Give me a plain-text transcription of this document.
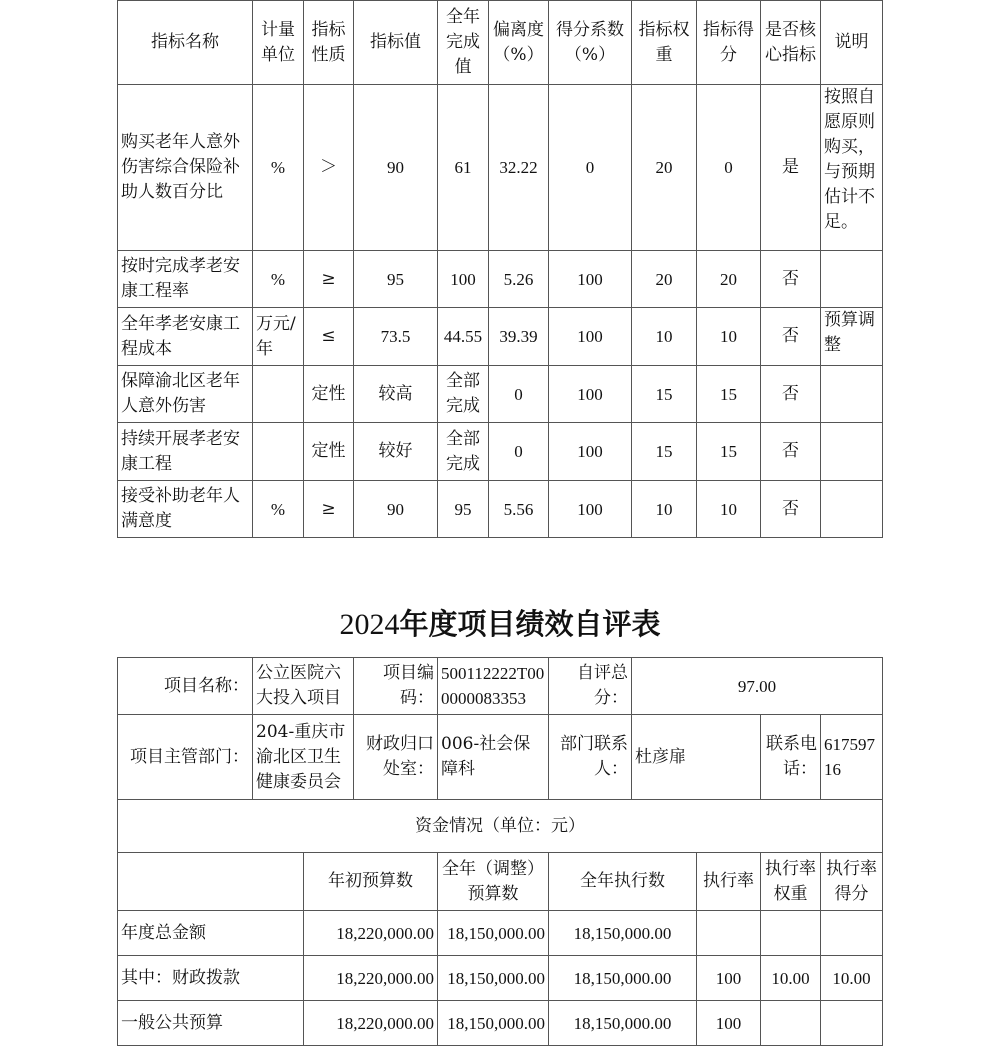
指标名称	计量单位	指标性质	指标值	全年完成值	偏离度（%）	得分系数（%）	指标权重	指标得分	是否核心指标	说明
购买老年人意外伤害综合保险补助人数百分比	%	＞	90	61	32.22	0	20	0	是	按照自愿原则购买，与预期估计不足。
按时完成孝老安康工程率	%	≥	95	100	5.26	100	20	20	否	
全年孝老安康工程成本	万元/年	≤	73.5	44.55	39.39	100	10	10	否	预算调整
保障渝北区老年人意外伤害		定性	较高	全部完成	0	100	15	15	否	
持续开展孝老安康工程		定性	较好	全部完成	0	100	15	15	否	
接受补助老年人满意度	%	≥	90	95	5.56	100	10	10	否	
2024年度项目绩效自评表
项目名称：	公立医院六大投入项目		项目编码：	500112222T000000083353	自评总分：	97.00			
项目主管部门：	204-重庆市渝北区卫生健康委员会		财政归口处室：	006-社会保障科	部门联系人：	杜彦扉		联系电话：	61759716
资金情况（单位：元）									
		年初预算数		全年（调整）预算数	全年执行数		执行率	执行率权重	执行率得分
年度总金额		18,220,000.00		18,150,000.00	18,150,000.00				
其中：财政拨款		18,220,000.00		18,150,000.00	18,150,000.00		100	10.00	10.00
一般公共预算		18,220,000.00		18,150,000.00	18,150,000.00		100		
